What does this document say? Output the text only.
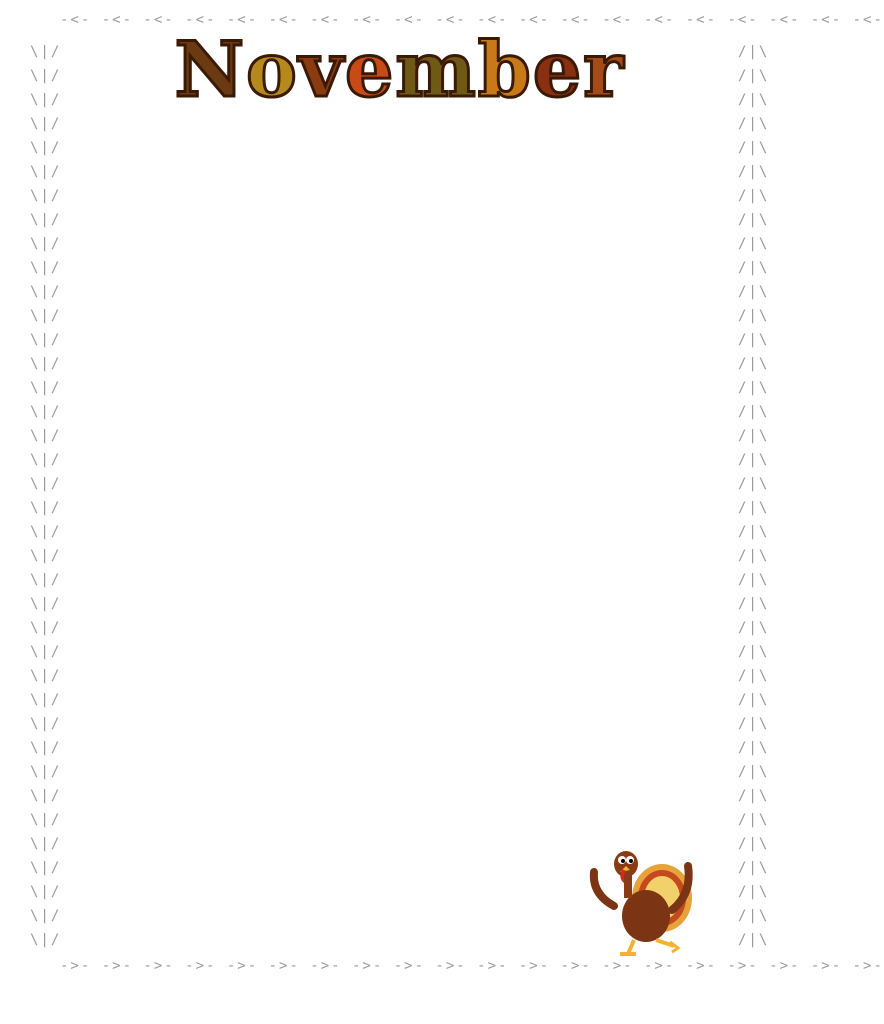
-<- -<- -<- -<- -<- -<- -<- -<- -<- -<- -<- -<- -<- -<- -<- -<- -<- -<- -<- -<-
->- ->- ->- ->- ->- ->- ->- ->- ->- ->- ->- ->- ->- ->- ->- ->- ->- ->- ->- ->-
\|/
\|/
\|/
\|/
\|/
\|/
\|/
\|/
\|/
\|/
\|/
\|/
\|/
\|/
\|/
\|/
\|/
\|/
\|/
\|/
\|/
\|/
\|/
\|/
\|/
\|/
\|/
\|/
\|/
\|/
\|/
\|/
\|/
\|/
\|/
\|/
\|/
\|/
/|\
/|\
/|\
/|\
/|\
/|\
/|\
/|\
/|\
/|\
/|\
/|\
/|\
/|\
/|\
/|\
/|\
/|\
/|\
/|\
/|\
/|\
/|\
/|\
/|\
/|\
/|\
/|\
/|\
/|\
/|\
/|\
/|\
/|\
/|\
/|\
/|\
/|\
November
